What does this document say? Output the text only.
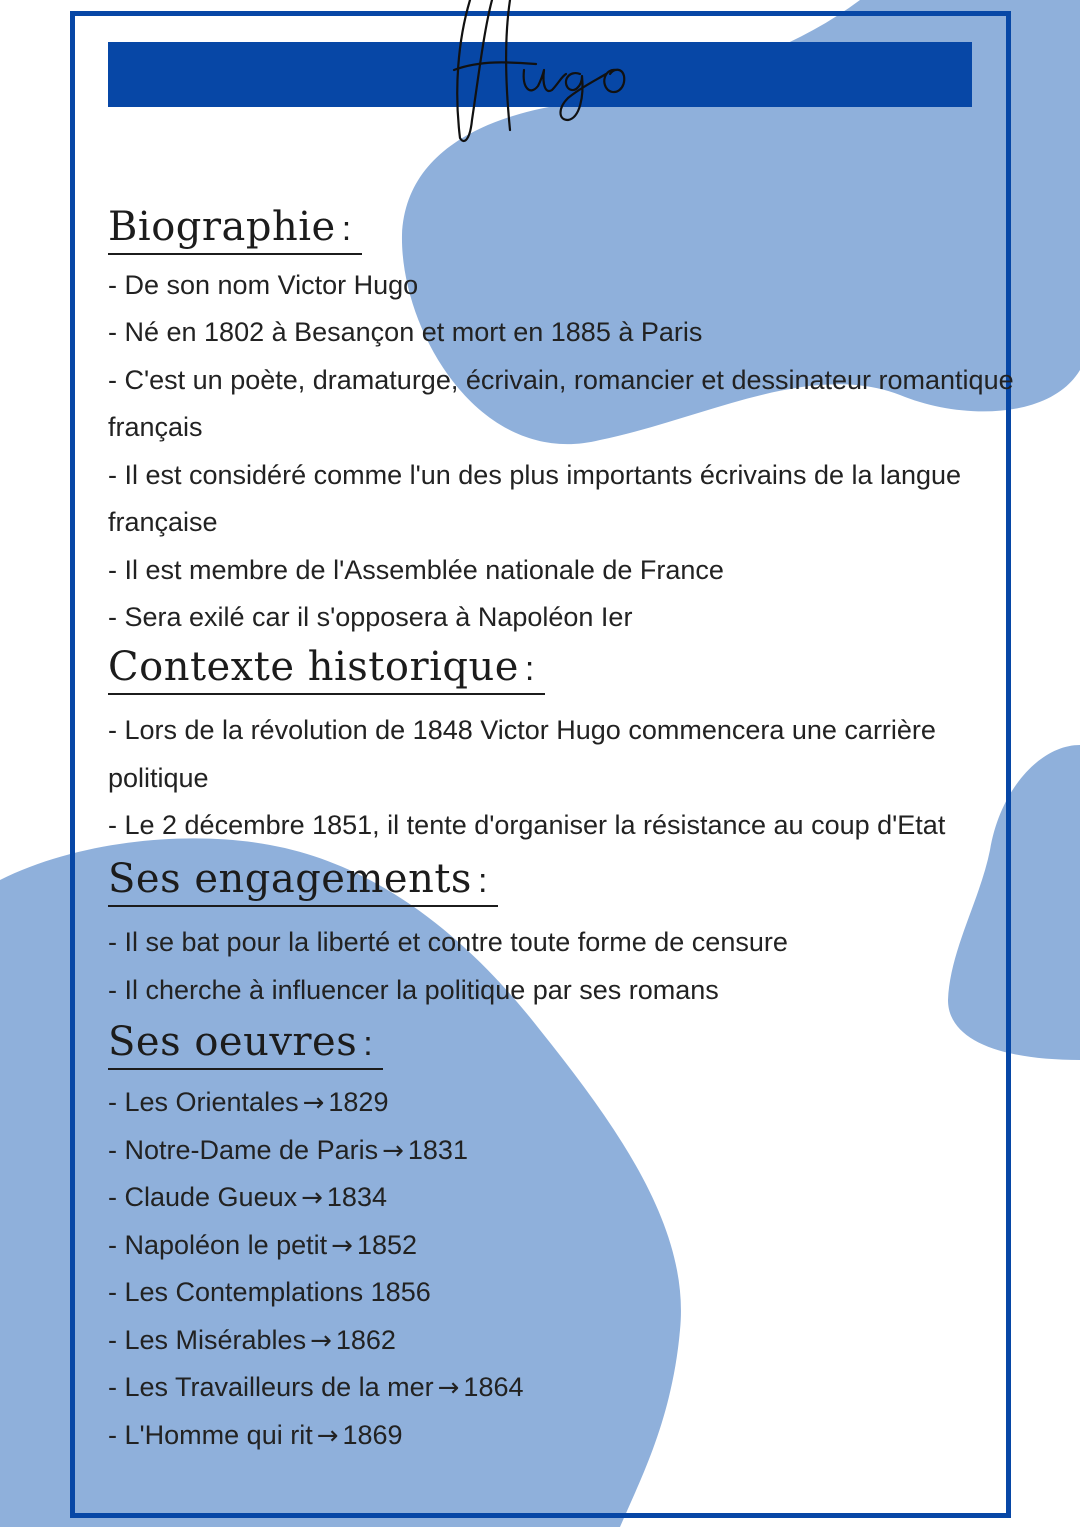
Biographie :

- De son nom Victor Hugo

- Né en 1802 à Besançon et mort en 1885 à Paris

- C'est un poète, dramaturge, écrivain, romancier et dessinateur romantique

français

- Il est considéré comme l'un des plus importants écrivains de la langue

française

- Il est membre de l'Assemblée nationale de France

- Sera exilé car il s'opposera à Napoléon Ier

Contexte historique :

- Lors de la révolution de 1848 Victor Hugo commencera une carrière

politique

- Le 2 décembre 1851, il tente d'organiser la résistance au coup d'Etat

Ses engagements :

- Il se bat pour la liberté et contre toute forme de censure

- Il cherche à influencer la politique par ses romans

Ses oeuvres :

- Les Orientales → 1829

- Notre-Dame de Paris → 1831

- Claude Gueux → 1834

- Napoléon le petit → 1852

- Les Contemplations 1856

- Les Misérables → 1862

- Les Travailleurs de la mer → 1864

- L'Homme qui rit → 1869
